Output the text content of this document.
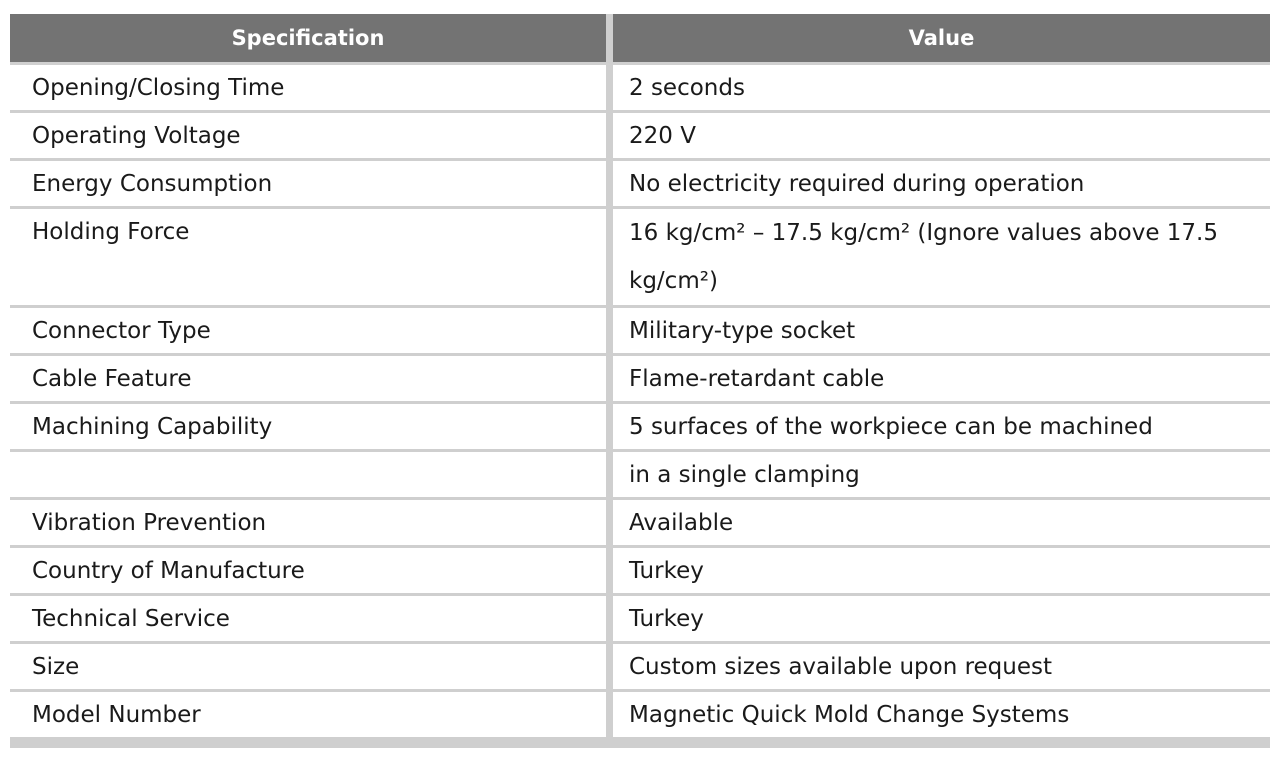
Specification	Value
Opening/Closing Time	2 seconds
Operating Voltage	220 V
Energy Consumption	No electricity required during operation
Holding Force	16 kg/cm² – 17.5 kg/cm² (Ignore values above 17.5 kg/cm²)
Connector Type	Military-type socket
Cable Feature	Flame-retardant cable
Machining Capability	5 surfaces of the workpiece can be machined
	in a single clamping
Vibration Prevention	Available
Country of Manufacture	Turkey
Technical Service	Turkey
Size	Custom sizes available upon request
Model Number	Magnetic Quick Mold Change Systems
